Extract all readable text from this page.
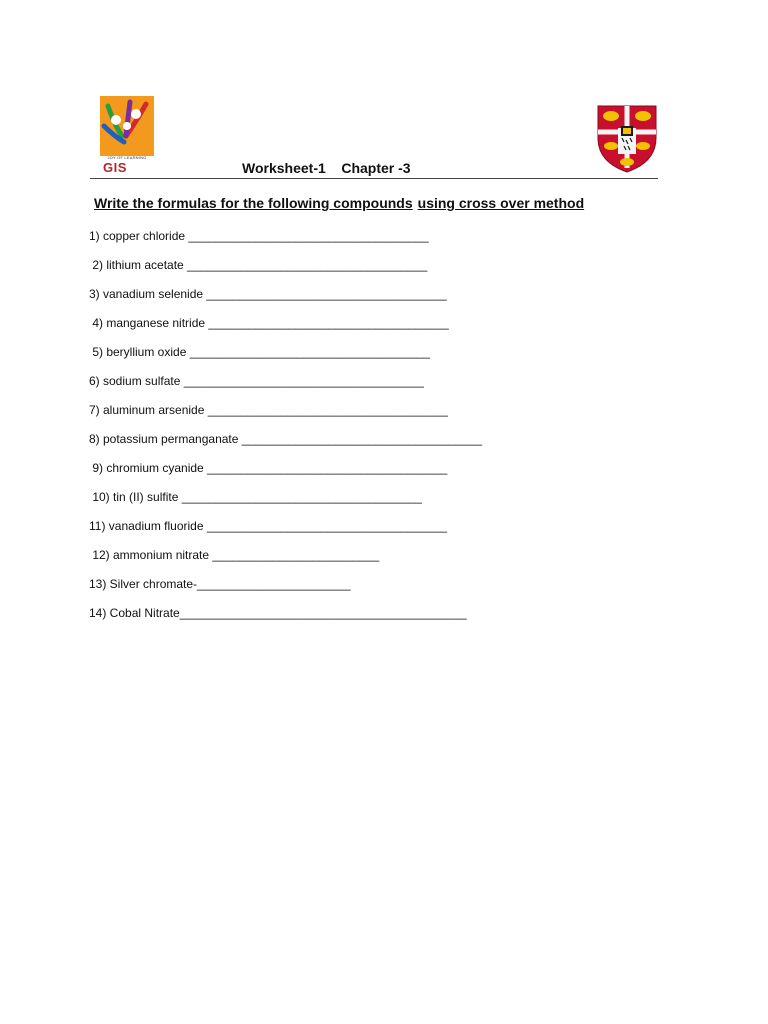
JOY OF LEARNING
GIS	Worksheet-1 Chapter -3
Write the formulas for the following compounds using cross over method
1) copper chloride ____________________________________
2) lithium acetate ____________________________________
3) vanadium selenide ____________________________________
4) manganese nitride ____________________________________
5) beryllium oxide ____________________________________
6) sodium sulfate ____________________________________
7) aluminum arsenide ____________________________________
8) potassium permanganate ____________________________________
9) chromium cyanide ____________________________________
10) tin (II) sulfite ____________________________________
11) vanadium fluoride ____________________________________
12) ammonium nitrate _________________________
13) Silver chromate-_______________________
14) Cobal Nitrate___________________________________________
